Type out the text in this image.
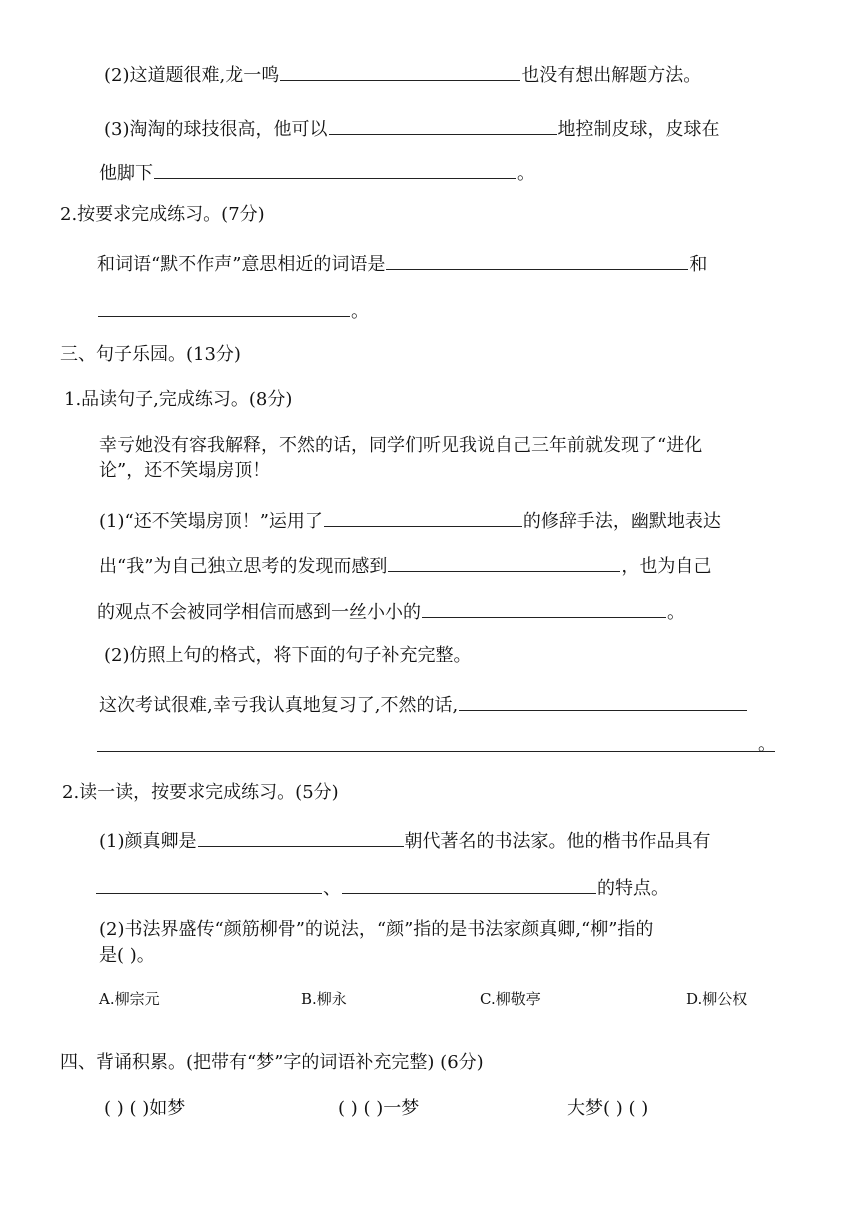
(2)这道题很难,龙一鸣	也没有想出解题方法。
(3)淘淘的球技很高，他可以	地控制皮球，皮球在
他脚下	。
2.按要求完成练习。(7分)
和词语“默不作声”意思相近的词语是	和
。
三、句子乐园。(13分)
1.品读句子,完成练习。(8分)
幸亏她没有容我解释，不然的话，同学们听见我说自己三年前就发现了“进化
论”，还不笑塌房顶！
(1)“还不笑塌房顶！”运用了	的修辞手法，幽默地表达
出“我”为自己独立思考的发现而感到	，也为自己
的观点不会被同学相信而感到一丝小小的	。
(2)仿照上句的格式，将下面的句子补充完整。
这次考试很难,幸亏我认真地复习了,不然的话,
。
2.读一读，按要求完成练习。(5分)
(1)颜真卿是	朝代著名的书法家。他的楷书作品具有
、	的特点。
(2)书法界盛传“颜筋柳骨”的说法，“颜”指的是书法家颜真卿,“柳”指的
是( )。
A.柳宗元	B.柳永	C.柳敬亭	D.柳公权
四、背诵积累。(把带有“梦”字的词语补充完整) (6分)
( ) ( )如梦	( ) ( )一梦	大梦( ) ( )
